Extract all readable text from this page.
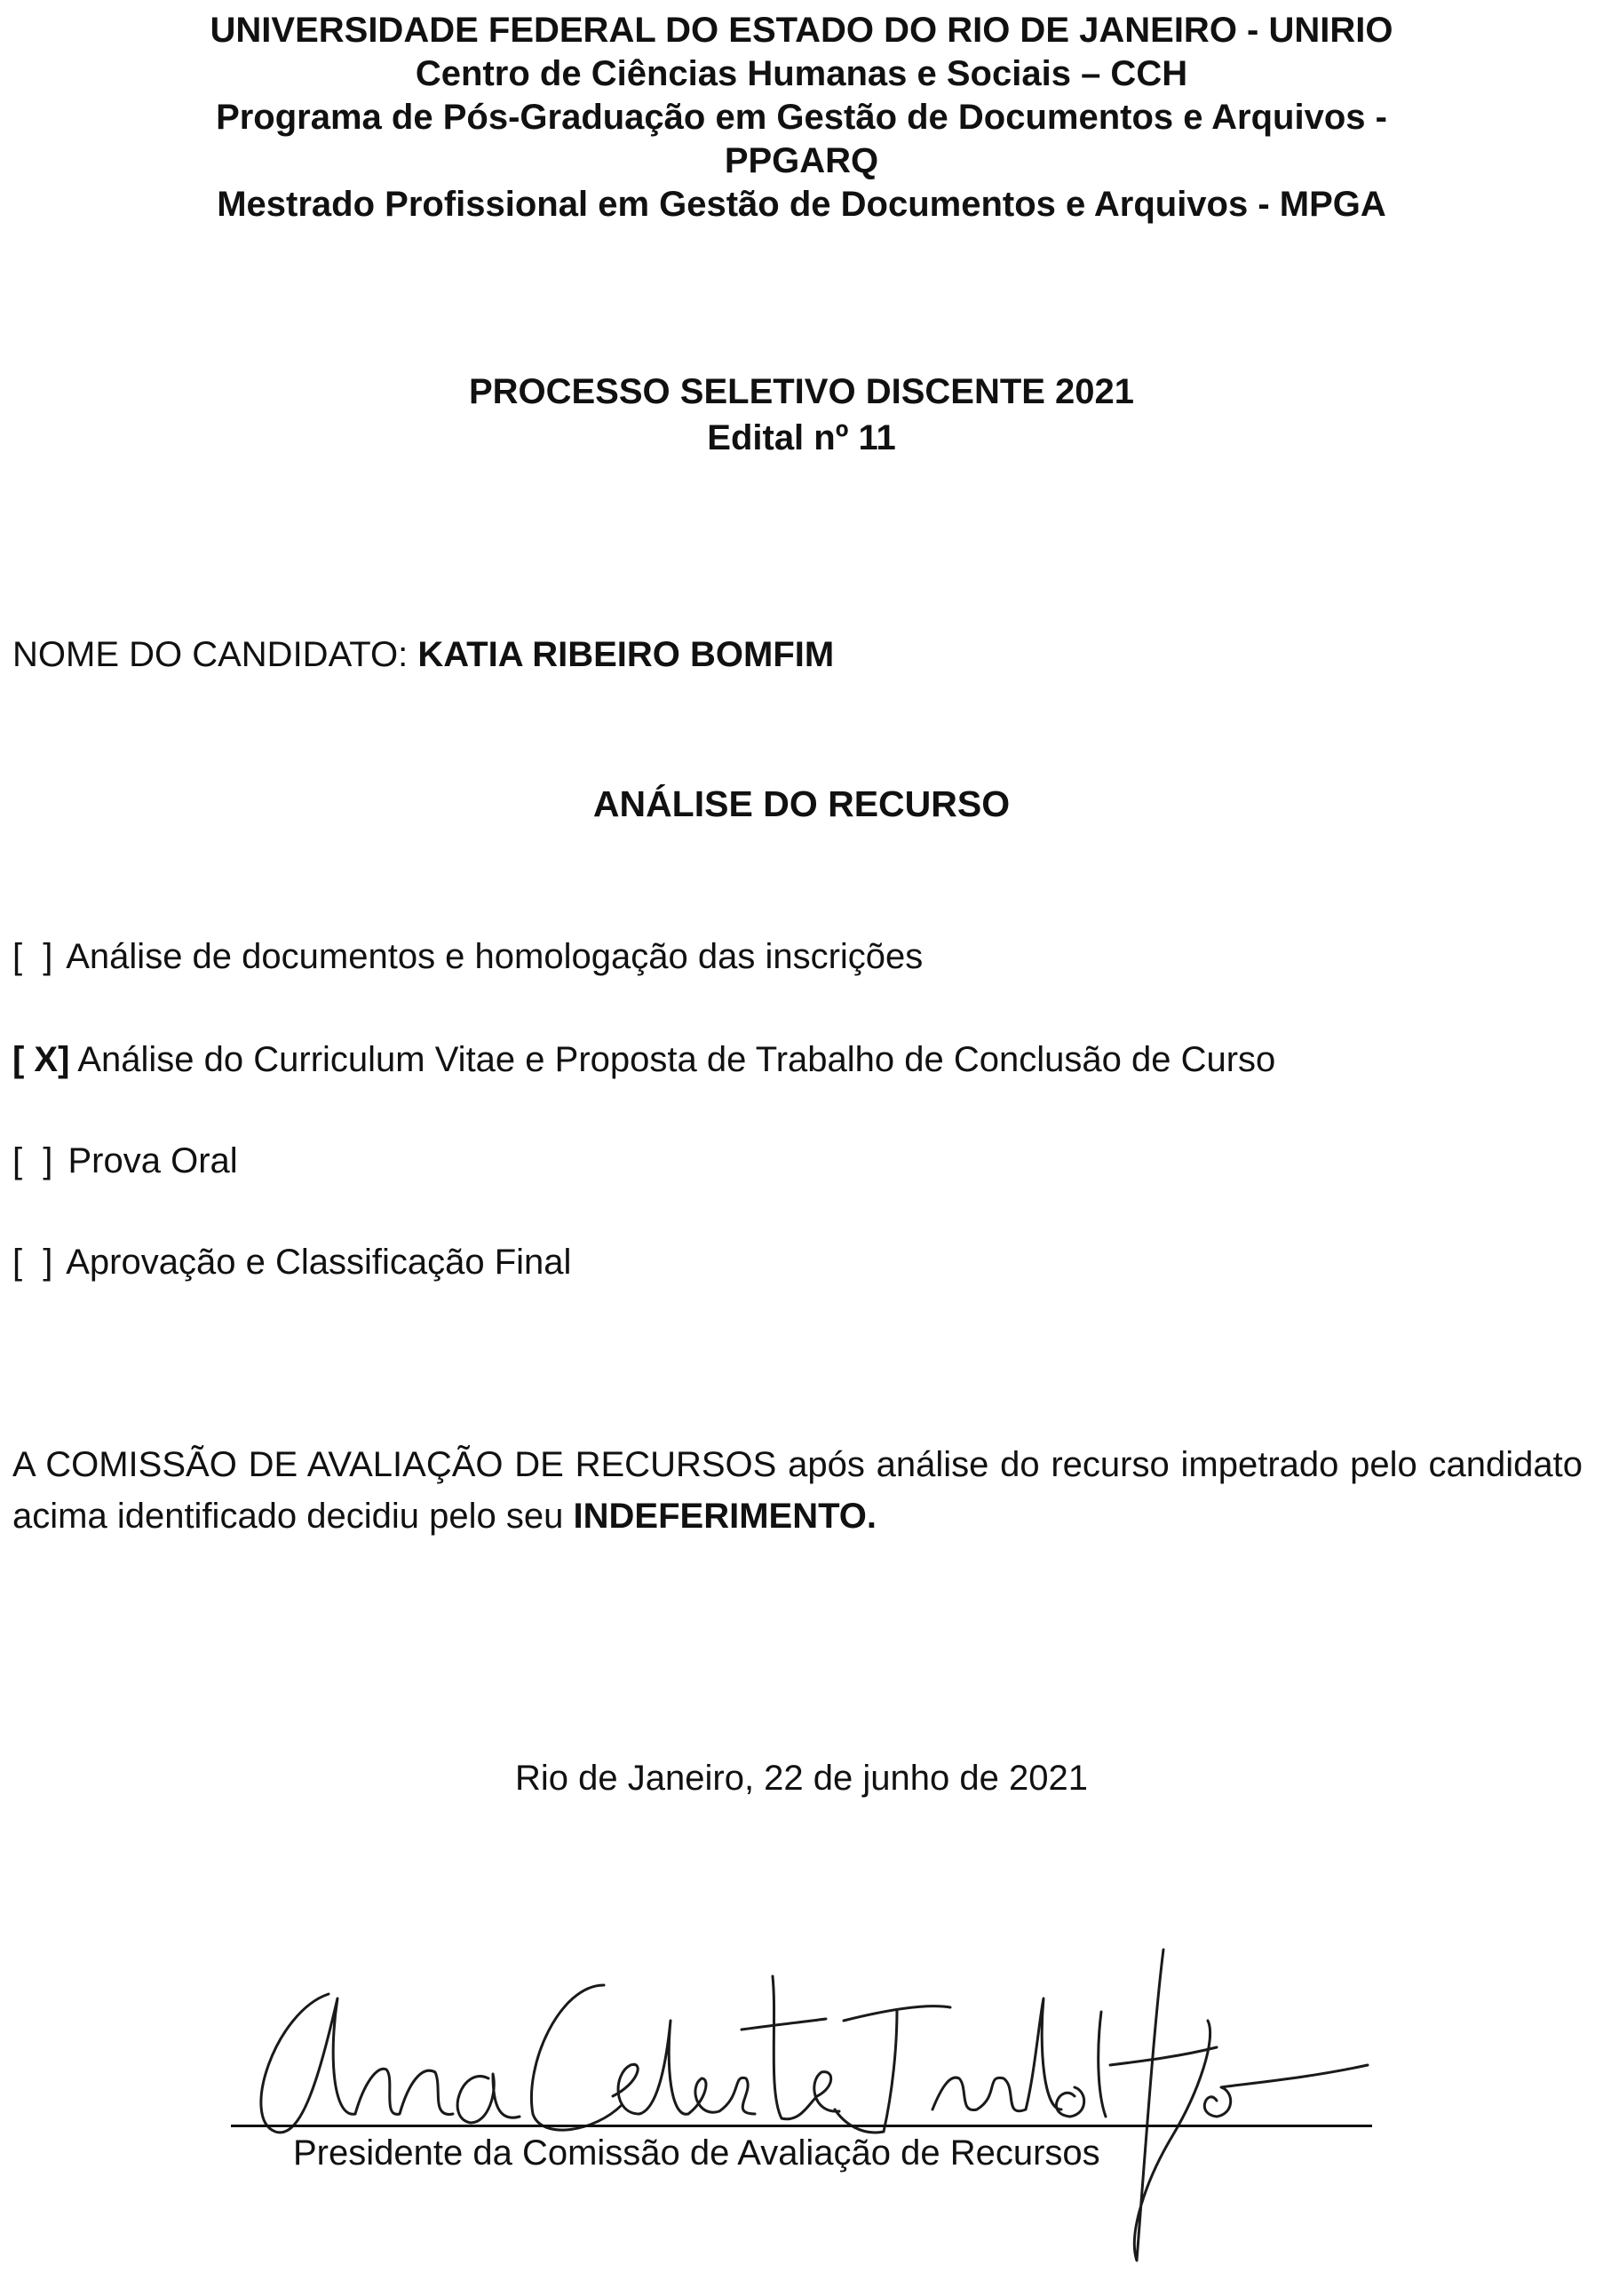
UNIVERSIDADE FEDERAL DO ESTADO DO RIO DE JANEIRO - UNIRIO
Centro de Ciências Humanas e Sociais – CCH
Programa de Pós-Graduação em Gestão de Documentos e Arquivos -
PPGARQ
Mestrado Profissional em Gestão de Documentos e Arquivos - MPGA
PROCESSO SELETIVO DISCENTE 2021
Edital nº 11
NOME DO CANDIDATO: KATIA RIBEIRO BOMFIM
ANÁLISE DO RECURSO
[ ] Análise de documentos e homologação das inscrições
[ X] Análise do Curriculum Vitae e Proposta de Trabalho de Conclusão de Curso
[ ] Prova Oral
[ ] Aprovação e Classificação Final
A COMISSÃO DE AVALIAÇÃO DE RECURSOS após análise do recurso impetrado pelo candidato acima identificado decidiu pelo seu INDEFERIMENTO.
Rio de Janeiro, 22 de junho de 2021
Presidente da Comissão de Avaliação de Recursos
